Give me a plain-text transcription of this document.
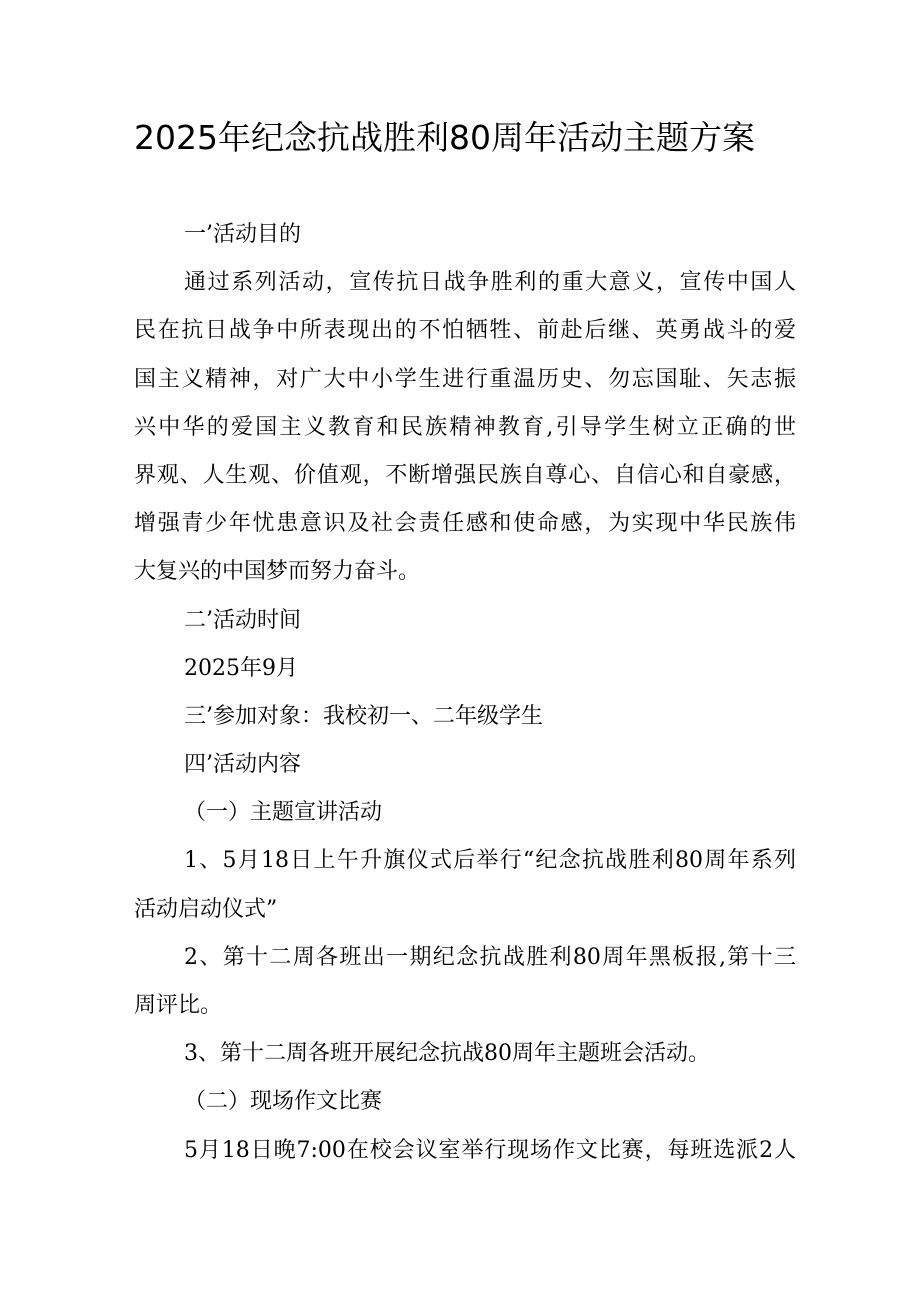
2025年纪念抗战胜利80周年活动主题方案
一’活动目的
通过系列活动，宣传抗日战争胜利的重大意义，宣传中国人
民在抗日战争中所表现出的不怕牺牲、前赴后继、英勇战斗的爱
国主义精神，对广大中小学生进行重温历史、勿忘国耻、矢志振
兴中华的爱国主义教育和民族精神教育,引导学生树立正确的世
界观、人生观、价值观，不断增强民族自尊心、自信心和自豪感，
增强青少年忧患意识及社会责任感和使命感，为实现中华民族伟
大复兴的中国梦而努力奋斗。
二’活动时间
2025年9月
三’参加对象：我校初一、二年级学生
四’活动内容
（一）主题宣讲活动
1、5月18日上午升旗仪式后举行“纪念抗战胜利80周年系列
活动启动仪式”
2、第十二周各班出一期纪念抗战胜利80周年黑板报,第十三
周评比。
3、第十二周各班开展纪念抗战80周年主题班会活动。
（二）现场作文比赛
5月18日晚7:00在校会议室举行现场作文比赛，每班选派2人
